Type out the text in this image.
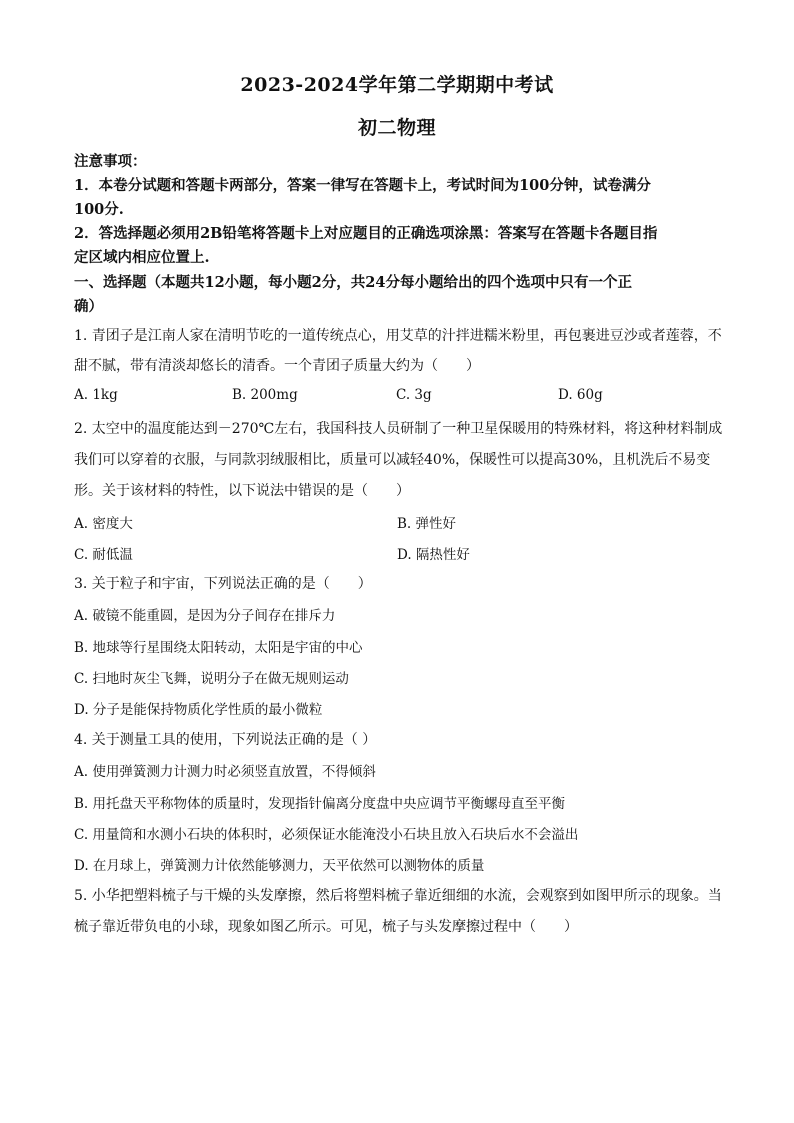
2023-2024学年第二学期期中考试
初二物理
注意事项：
1．本卷分试题和答题卡两部分，答案一律写在答题卡上，考试时间为100分钟，试卷满分
100分.
2．答选择题必须用2B铅笔将答题卡上对应题目的正确选项涂黑：答案写在答题卡各题目指
定区域内相应位置上.
一、选择题（本题共12小题，每小题2分，共24分每小题给出的四个选项中只有一个正
确）
1. 青团子是江南人家在清明节吃的一道传统点心，用艾草的汁拌进糯米粉里，再包裹进豆沙或者莲蓉，不
甜不腻，带有清淡却悠长的清香。一个青团子质量大约为（　　）
A. 1kg	B. 200mg	C. 3g	D. 60g
2. 太空中的温度能达到－270℃左右，我国科技人员研制了一种卫星保暖用的特殊材料，将这种材料制成
我们可以穿着的衣服，与同款羽绒服相比，质量可以减轻40%，保暖性可以提高30%，且机洗后不易变
形。关于该材料的特性，以下说法中错误的是（　　）
A. 密度大	B. 弹性好
C. 耐低温	D. 隔热性好
3. 关于粒子和宇宙，下列说法正确的是（　　）
A. 破镜不能重圆，是因为分子间存在排斥力
B. 地球等行星围绕太阳转动，太阳是宇宙的中心
C. 扫地时灰尘飞舞，说明分子在做无规则运动
D. 分子是能保持物质化学性质的最小微粒
4. 关于测量工具的使用，下列说法正确的是（ ）
A. 使用弹簧测力计测力时必须竖直放置，不得倾斜
B. 用托盘天平称物体的质量时，发现指针偏离分度盘中央应调节平衡螺母直至平衡
C. 用量筒和水测小石块的体积时，必须保证水能淹没小石块且放入石块后水不会溢出
D. 在月球上，弹簧测力计依然能够测力，天平依然可以测物体的质量
5. 小华把塑料梳子与干燥的头发摩擦，然后将塑料梳子靠近细细的水流，会观察到如图甲所示的现象。当
梳子靠近带负电的小球，现象如图乙所示。可见，梳子与头发摩擦过程中（　　）
